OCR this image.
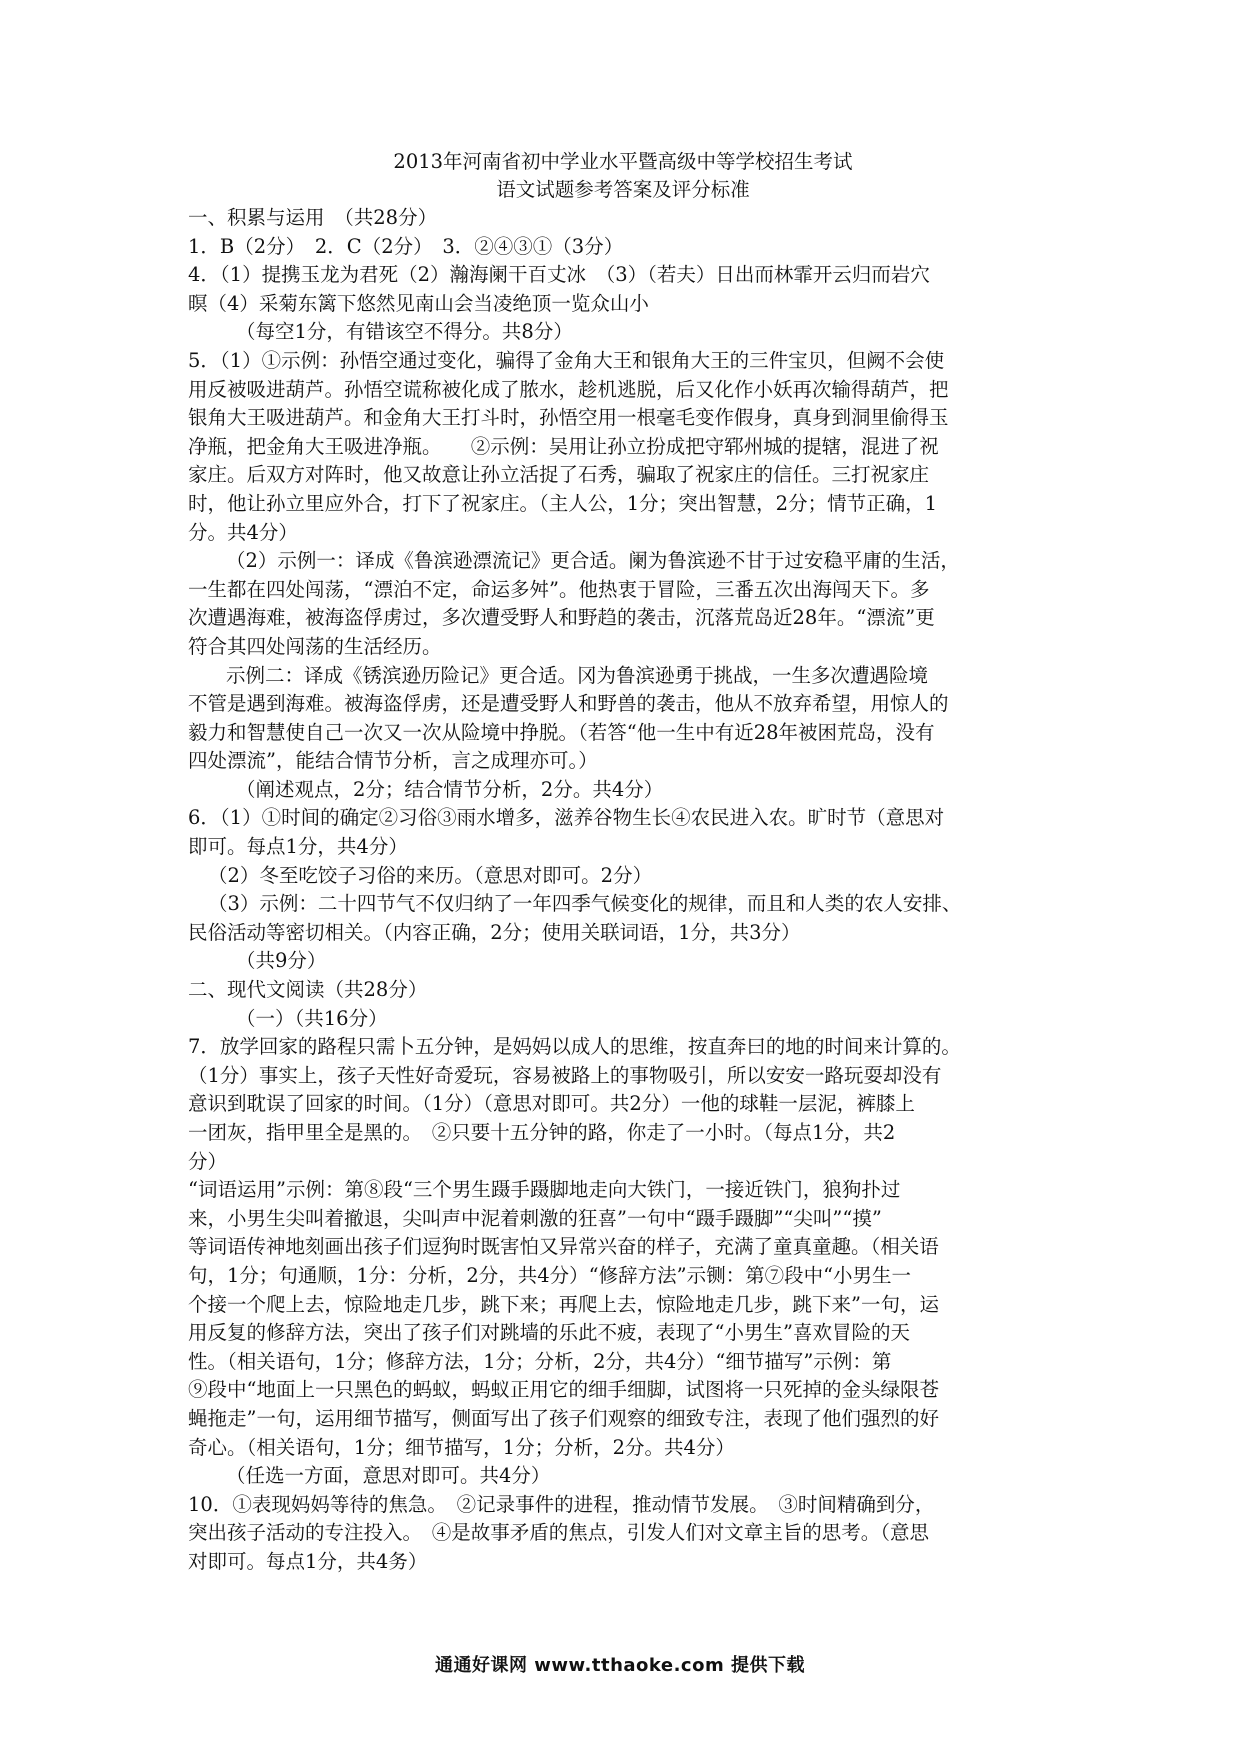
2013年河南省初中学业水平暨高级中等学校招生考试
语文试题参考答案及评分标准

一、积累与运用　（共28分）

1．B（2分）　2．C（2分）　3．②④③①（3分）

4．（1）提携玉龙为君死（2）瀚海阑干百丈冰　（3）（若夫）日出而林霏开云归而岩穴

暝（4）采菊东篱下悠然见南山会当凌绝顶一览众山小

（每空1分，有错该空不得分。共8分）

5．（1）①示例：孙悟空通过变化，骗得了金角大王和银角大王的三件宝贝，但阙不会使

用反被吸进葫芦。孙悟空谎称被化成了脓水，趁机逃脱，后又化作小妖再次输得葫芦，把

银角大王吸进葫芦。和金角大王打斗时，孙悟空用一根毫毛变作假身，真身到洞里偷得玉

净瓶，把金角大王吸进净瓶。　　②示例：吴用让孙立扮成把守郓州城的提辖，混进了祝

家庄。后双方对阵时，他又故意让孙立活捉了石秀，骗取了祝家庄的信任。三打祝家庄

时，他让孙立里应外合，打下了祝家庄。（主人公，1分；突出智慧，2分；情节正确，1

分。共4分）

（2）示例一：译成《鲁滨逊漂流记》更合适。阑为鲁滨逊不甘于过安稳平庸的生活，

一生都在四处闯荡，“漂泊不定，命运多舛”。他热衷于冒险，三番五次出海闯天下。多

次遭遇海难，被海盗俘虏过，多次遭受野人和野趋的袭击，沉落荒岛近28年。“漂流”更

符合其四处闯荡的生活经历。

示例二：译成《锈滨逊历险记》更合适。冈为鲁滨逊勇于挑战，一生多次遭遇险境

不管是遇到海难。被海盗俘虏，还是遭受野人和野兽的袭击，他从不放弃希望，用惊人的

毅力和智慧使自己一次又一次从险境中挣脱。（若答“他一生中有近28年被困荒岛，没有

四处漂流”，能结合情节分析，言之成理亦可。）

（阐述观点，2分；结合情节分析，2分。共4分）

6．（1）①时间的确定②习俗③雨水增多，滋养谷物生长④农民进入农。旷时节（意思对

即可。每点1分，共4分）

（2）冬至吃饺子习俗的来历。（意思对即可。2分）

（3）示例：二十四节气不仅归纳了一年四季气候变化的规律，而且和人类的农人安排、

民俗活动等密切相关。（内容正确，2分；使用关联词语，1分，共3分）

（共9分）

二、现代文阅读（共28分）

（一）（共16分）

7．放学回家的路程只需卜五分钟，是妈妈以成人的思维，按直奔曰的地的时间来计算的。

（1分）事实上，孩子天性好奇爱玩，容易被路上的事物吸引，所以安安一路玩耍却没有

意识到耽误了回家的时间。（1分）（意思对即可。共2分）一他的球鞋一层泥，裤膝上

一团灰，指甲里全是黑的。　②只要十五分钟的路，你走了一小时。（每点1分，共2

分）

“词语运用”示例：第⑧段“三个男生蹑手蹑脚地走向大铁门，一接近铁门，狼狗扑过

来，小男生尖叫着撤退，尖叫声中泥着刺激的狂喜”一句中“蹑手蹑脚”“尖叫”“摸”

等词语传神地刻画出孩子们逗狗时既害怕又异常兴奋的样子，充满了童真童趣。（相关语

句，1分；句通顺，1分：分析，2分，共4分）“修辞方法”示铡：第⑦段中“小男生一

个接一个爬上去，惊险地走几步，跳下来；再爬上去，惊险地走几步，跳下来”一句，运

用反复的修辞方法，突出了孩子们对跳墙的乐此不疲，表现了“小男生”喜欢冒险的天

性。（相关语句，1分；修辞方法，1分；分析，2分，共4分）“细节描写”示例：第

⑨段中“地面上一只黑色的蚂蚁，蚂蚁正用它的细手细脚，试图将一只死掉的金头绿限苍

蝇拖走”一句，运用细节描写，侧面写出了孩子们观察的细致专注，表现了他们强烈的好

奇心。（相关语句，1分；细节描写，1分；分析，2分。共4分）

（任选一方面，意思对即可。共4分）

10．①表现妈妈等待的焦急。　②记录事件的进程，推动情节发展。　③时间精确到分，

突出孩子活动的专注投入。　④是故事矛盾的焦点，引发人们对文章主旨的思考。（意思

对即可。每点1分，共4务）

通通好课网 www.tthaoke.com 提供下载
